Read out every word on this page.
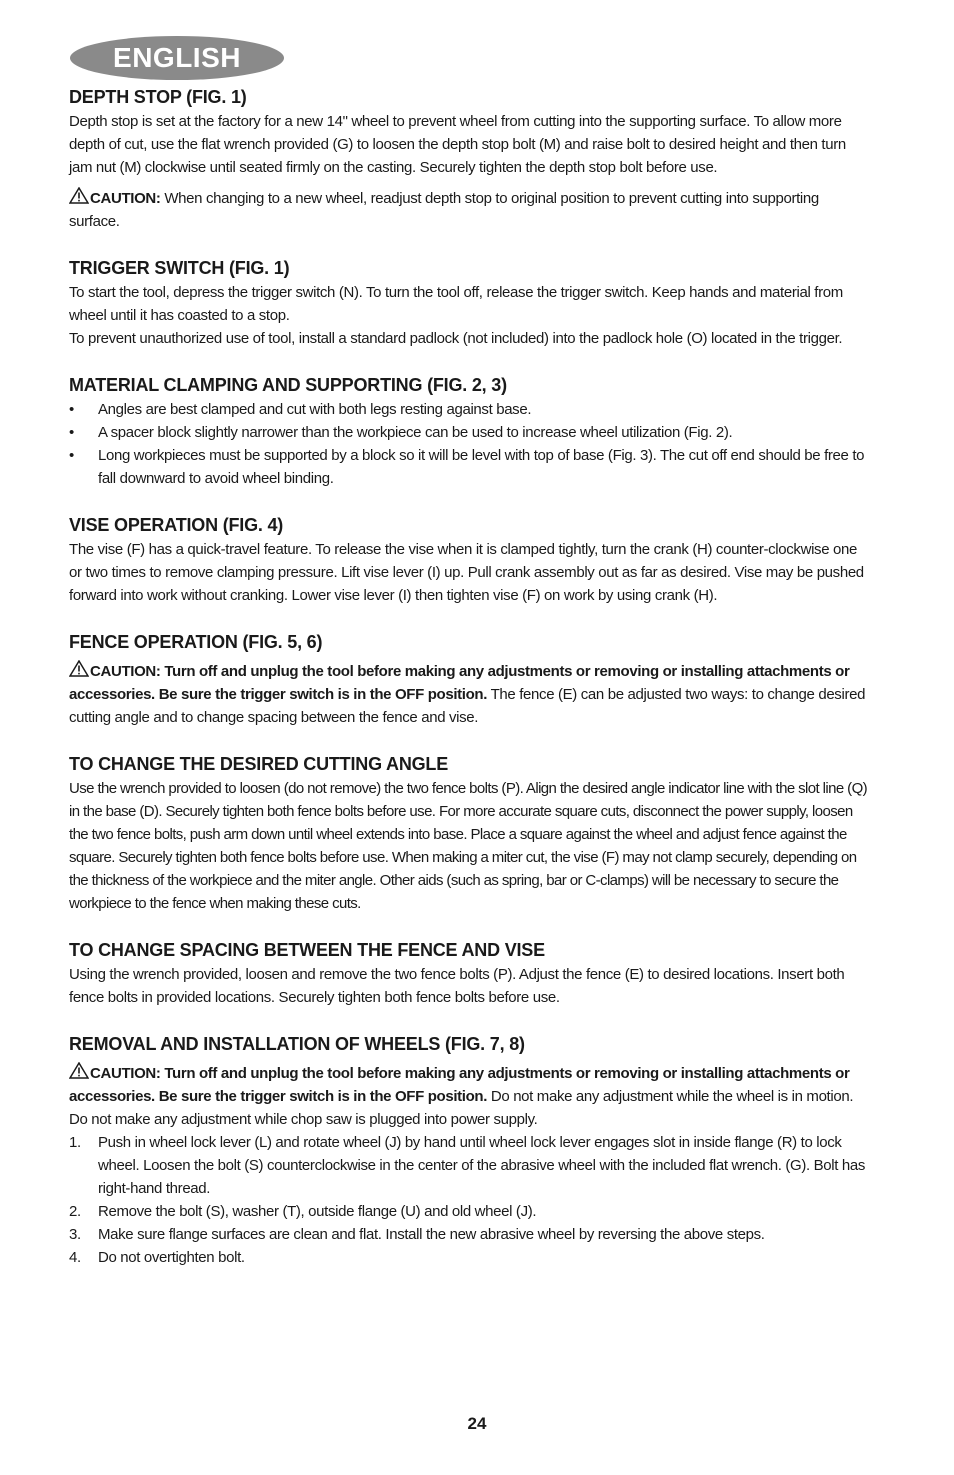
ENGLISH
DEPTH STOP (FIG. 1)

Depth stop is set at the factory for a new 14" wheel to prevent wheel from cutting into the supporting surface. To allow more depth of cut, use the flat wrench provided (G) to loosen the depth stop bolt (M) and raise bolt to desired height and then turn jam nut (M) clockwise until seated firmly on the casting. Securely tighten the depth stop bolt before use.

CAUTION: When changing to a new wheel, readjust depth stop to original position to prevent cutting into supporting surface.

TRIGGER SWITCH (FIG. 1)

To start the tool, depress the trigger switch (N). To turn the tool off, release the trigger switch. Keep hands and material from wheel until it has coasted to a stop.

To prevent unauthorized use of tool, install a standard padlock (not included) into the padlock hole (O) located in the trigger.

MATERIAL CLAMPING AND SUPPORTING (FIG. 2, 3)
• Angles are best clamped and cut with both legs resting against base.
• A spacer block slightly narrower than the workpiece can be used to increase wheel utilization (Fig. 2).
• Long workpieces must be supported by a block so it will be level with top of base (Fig. 3). The cut off end should be free to fall downward to avoid wheel binding.
VISE OPERATION (FIG. 4)

The vise (F) has a quick-travel feature. To release the vise when it is clamped tightly, turn the crank (H) counter-clockwise one or two times to remove clamping pressure. Lift vise lever (I) up. Pull crank assembly out as far as desired. Vise may be pushed forward into work without cranking. Lower vise lever (I) then tighten vise (F) on work by using crank (H).

FENCE OPERATION (FIG. 5, 6)

CAUTION: Turn off and unplug the tool before making any adjustments or removing or installing attachments or accessories. Be sure the trigger switch is in the OFF position. The fence (E) can be adjusted two ways: to change desired cutting angle and to change spacing between the fence and vise.

TO CHANGE THE DESIRED CUTTING ANGLE

Use the wrench provided to loosen (do not remove) the two fence bolts (P). Align the desired angle indicator line with the slot line (Q) in the base (D). Securely tighten both fence bolts before use. For more accurate square cuts, disconnect the power supply, loosen the two fence bolts, push arm down until wheel extends into base. Place a square against the wheel and adjust fence against the square. Securely tighten both fence bolts before use. When making a miter cut, the vise (F) may not clamp securely, depending on the thickness of the workpiece and the miter angle. Other aids (such as spring, bar or C-clamps) will be necessary to secure the workpiece to the fence when making these cuts.

TO CHANGE SPACING BETWEEN THE FENCE AND VISE

Using the wrench provided, loosen and remove the two fence bolts (P). Adjust the fence (E) to desired locations. Insert both fence bolts in provided locations. Securely tighten both fence bolts before use.

REMOVAL AND INSTALLATION OF WHEELS (FIG. 7, 8)

CAUTION: Turn off and unplug the tool before making any adjustments or removing or installing attachments or accessories. Be sure the trigger switch is in the OFF position. Do not make any adjustment while the wheel is in motion.

Do not make any adjustment while chop saw is plugged into power supply.

1. Push in wheel lock lever (L) and rotate wheel (J) by hand until wheel lock lever engages slot in inside flange (R) to lock wheel. Loosen the bolt (S) counterclockwise in the center of the abrasive wheel with the included flat wrench. (G). Bolt has right-hand thread.
2. Remove the bolt (S), washer (T), outside flange (U) and old wheel (J).
3. Make sure flange surfaces are clean and flat. Install the new abrasive wheel by reversing the above steps.
4. Do not overtighten bolt.
24
